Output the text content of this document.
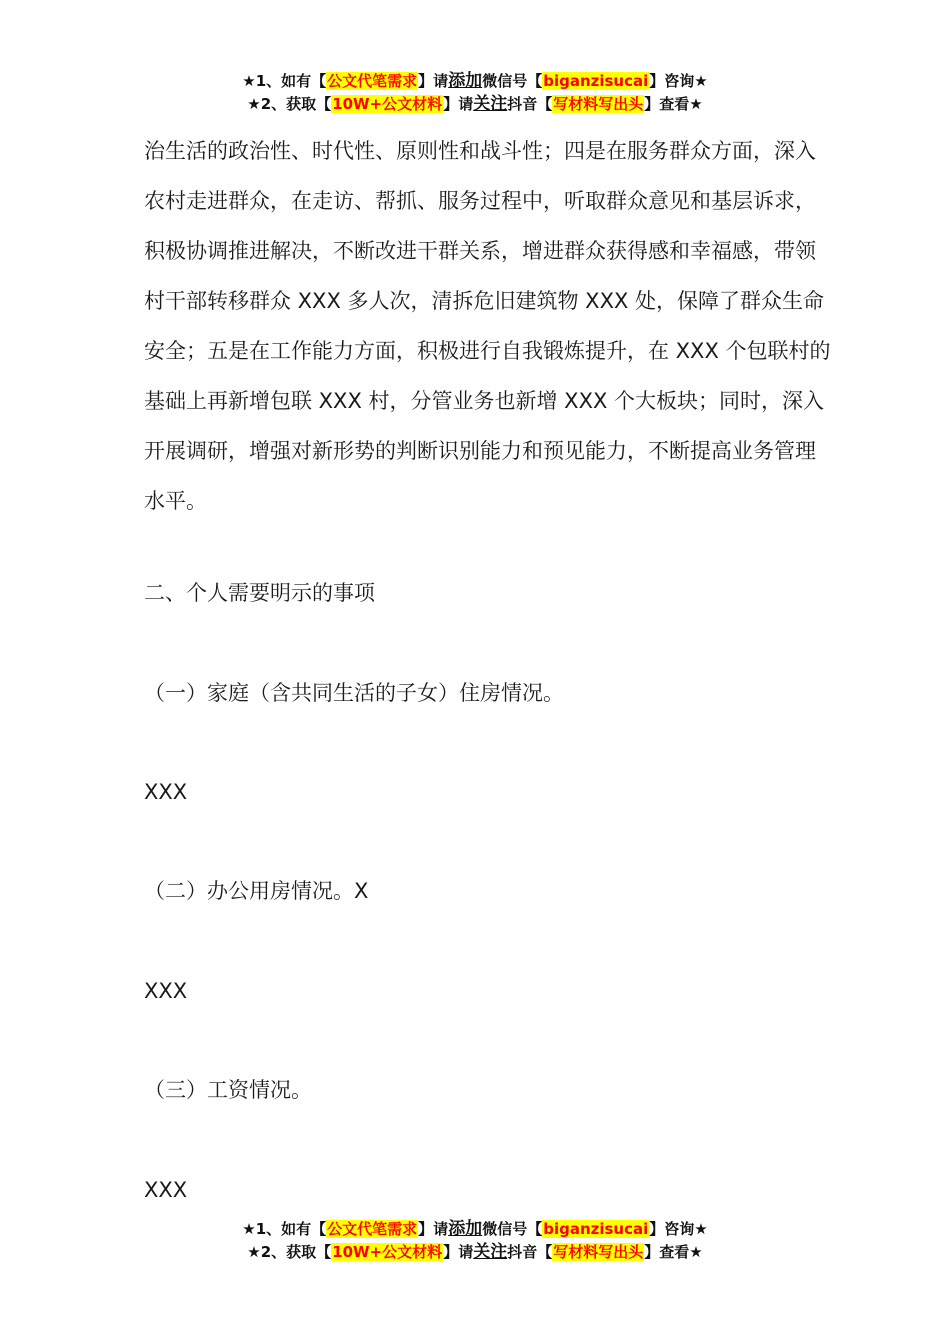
★1、如有【公文代笔需求】请添加微信号【biganzisucai】咨询★
★2、获取【10W+公文材料】请关注抖音【写材料写出头】查看★
治生活的政治性、时代性、原则性和战斗性；四是在服务群众方面，深入农村走进群众，在走访、帮抓、服务过程中，听取群众意见和基层诉求，积极协调推进解决，不断改进干群关系，增进群众获得感和幸福感，带领村干部转移群众 XXX 多人次，清拆危旧建筑物 XXX 处，保障了群众生命安全；五是在工作能力方面，积极进行自我锻炼提升，在 XXX 个包联村的基础上再新增包联 XXX 村，分管业务也新增 XXX 个大板块；同时，深入开展调研，增强对新形势的判断识别能力和预见能力，不断提高业务管理水平。
二、个人需要明示的事项
（一）家庭（含共同生活的子女）住房情况。
XXX
（二）办公用房情况。X
XXX
（三）工资情况。
XXX
★1、如有【公文代笔需求】请添加微信号【biganzisucai】咨询★
★2、获取【10W+公文材料】请关注抖音【写材料写出头】查看★
